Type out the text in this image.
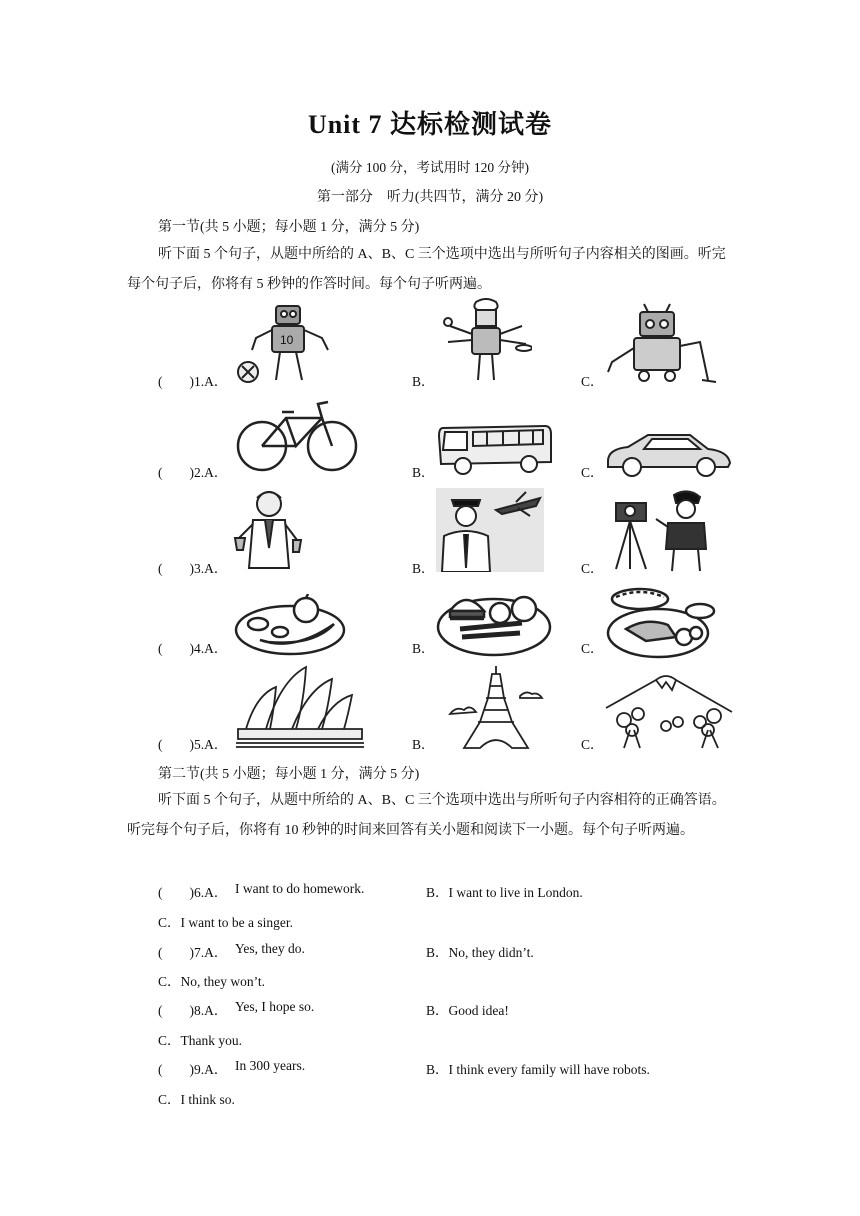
Unit 7 达标检测试卷
(满分 100 分，考试用时 120 分钟)
第一部分　听力(共四节，满分 20 分)
第一节(共 5 小题；每小题 1 分，满分 5 分)
听下面 5 个句子，从题中所给的 A、B、C 三个选项中选出与所听句子内容相关的图画。听完每个句子后，你将有 5 秒钟的作答时间。每个句子听两遍。
(　　)1.A．	B．	C．
(　　)2.A．	B．	C．
(　　)3.A．	B．	C．
(　　)4.A．	B．	C．
(　　)5.A．	B．	C．
10
第二节(共 5 小题；每小题 1 分，满分 5 分)
听下面 5 个句子，从题中所给的 A、B、C 三个选项中选出与所听句子内容相符的正确答语。听完每个句子后，你将有 10 秒钟的时间来回答有关小题和阅读下一小题。每个句子听两遍。
(　　)6.A． I want to do homework.	B．I want to live in London.
C．I want to be a singer.
(　　)7.A． Yes, they do.	B．No, they didn’t.
C．No, they won’t.
(　　)8.A． Yes, I hope so.	B．Good idea!
C．Thank you.
(　　)9.A． In 300 years.	B．I think every family will have robots.
C．I think so.
